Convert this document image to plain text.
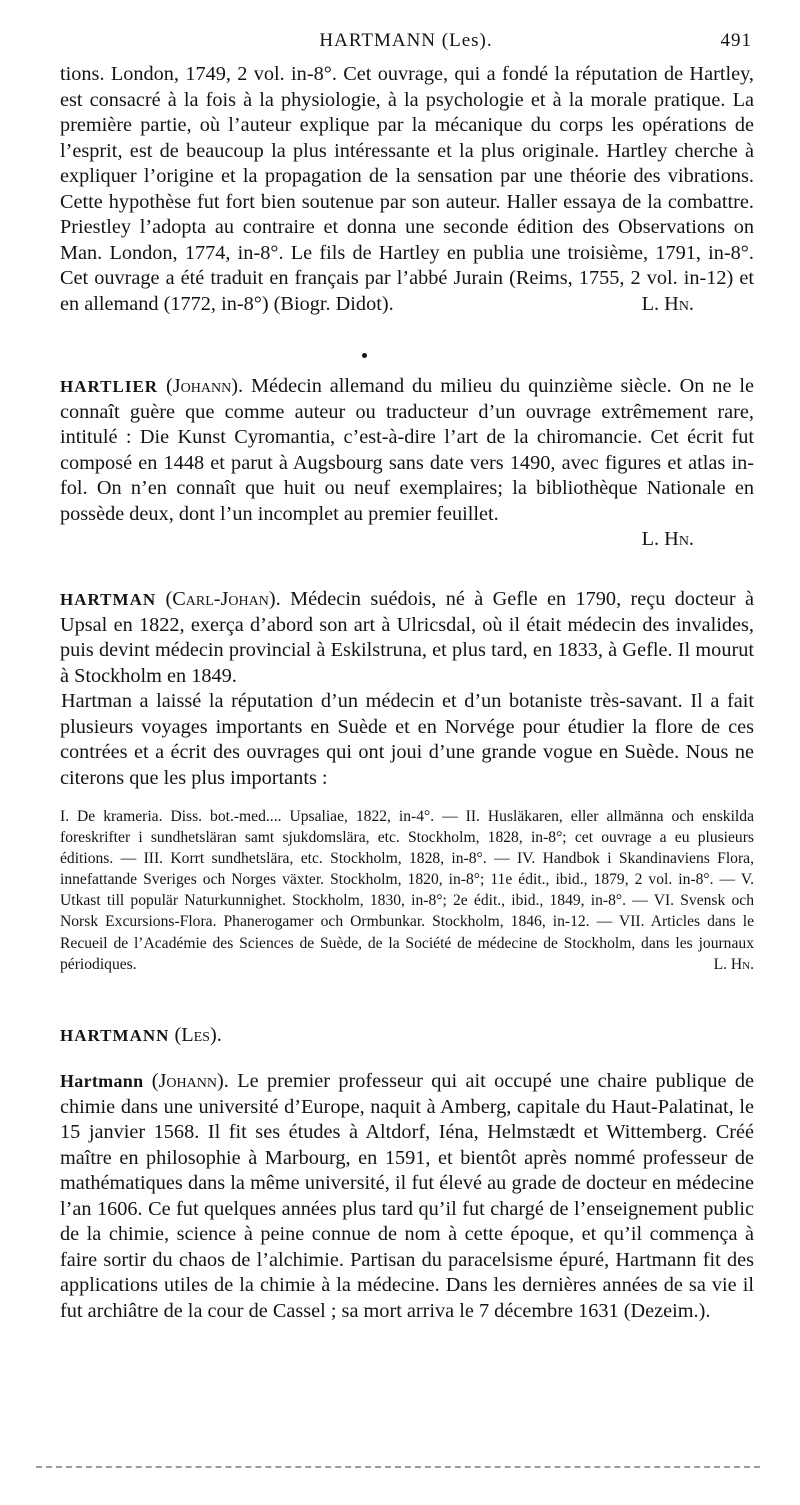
HARTMANN (Les).	491

tions. London, 1749, 2 vol. in-8°. Cet ouvrage, qui a fondé la réputation de Hartley, est consacré à la fois à la physiologie, à la psychologie et à la morale pratique. La première partie, où l’auteur explique par la mécanique du corps les opérations de l’esprit, est de beaucoup la plus intéressante et la plus originale. Hartley cherche à expliquer l’origine et la propagation de la sensation par une théorie des vibrations. Cette hypothèse fut fort bien soutenue par son auteur. Haller essaya de la combattre. Priestley l’adopta au contraire et donna une seconde édition des Observations on Man. London, 1774, in-8°. Le fils de Hartley en publia une troisième, 1791, in-8°. Cet ouvrage a été traduit en français par l’abbé Jurain (Reims, 1755, 2 vol. in-12) et en allemand (1772, in-8°) (Biogr. Didot).	L. Hn.

HARTLIER (Johann). Médecin allemand du milieu du quinzième siècle. On ne le connaît guère que comme auteur ou traducteur d’un ouvrage extrêmement rare, intitulé : Die Kunst Cyromantia, c’est-à-dire l’art de la chiromancie. Cet écrit fut composé en 1448 et parut à Augsbourg sans date vers 1490, avec figures et atlas in-fol. On n’en connaît que huit ou neuf exemplaires; la bibliothèque Nationale en possède deux, dont l’un incomplet au premier feuillet.

L. Hn.

HARTMAN (Carl-Johan). Médecin suédois, né à Gefle en 1790, reçu docteur à Upsal en 1822, exerça d’abord son art à Ulricsdal, où il était médecin des invalides, puis devint médecin provincial à Eskilstruna, et plus tard, en 1833, à Gefle. Il mourut à Stockholm en 1849.

Hartman a laissé la réputation d’un médecin et d’un botaniste très-savant. Il a fait plusieurs voyages importants en Suède et en Norvége pour étudier la flore de ces contrées et a écrit des ouvrages qui ont joui d’une grande vogue en Suède. Nous ne citerons que les plus importants :

I. De krameria. Diss. bot.-med.... Upsaliae, 1822, in-4°. — II. Husläkaren, eller allmänna och enskilda foreskrifter i sundhetsläran samt sjukdomslära, etc. Stockholm, 1828, in-8°; cet ouvrage a eu plusieurs éditions. — III. Korrt sundhetslära, etc. Stockholm, 1828, in-8°. — IV. Handbok i Skandinaviens Flora, innefattande Sveriges och Norges växter. Stockholm, 1820, in-8°; 11e édit., ibid., 1879, 2 vol. in-8°. — V. Utkast till populär Naturkunnighet. Stockholm, 1830, in-8°; 2e édit., ibid., 1849, in-8°. — VI. Svensk och Norsk Excursions-Flora. Phanerogamer och Ormbunkar. Stockholm, 1846, in-12. — VII. Articles dans le Recueil de l’Académie des Sciences de Suède, de la Société de médecine de Stockholm, dans les journaux périodiques.	L. Hn.

HARTMANN (Les).

Hartmann (Johann). Le premier professeur qui ait occupé une chaire publique de chimie dans une université d’Europe, naquit à Amberg, capitale du Haut-Palatinat, le 15 janvier 1568. Il fit ses études à Altdorf, Iéna, Helmstædt et Wittemberg. Créé maître en philosophie à Marbourg, en 1591, et bientôt après nommé professeur de mathématiques dans la même université, il fut élevé au grade de docteur en médecine l’an 1606. Ce fut quelques années plus tard qu’il fut chargé de l’enseignement public de la chimie, science à peine connue de nom à cette époque, et qu’il commença à faire sortir du chaos de l’alchimie. Partisan du paracelsisme épuré, Hartmann fit des applications utiles de la chimie à la médecine. Dans les dernières années de sa vie il fut archiâtre de la cour de Cassel ; sa mort arriva le 7 décembre 1631 (Dezeim.).
